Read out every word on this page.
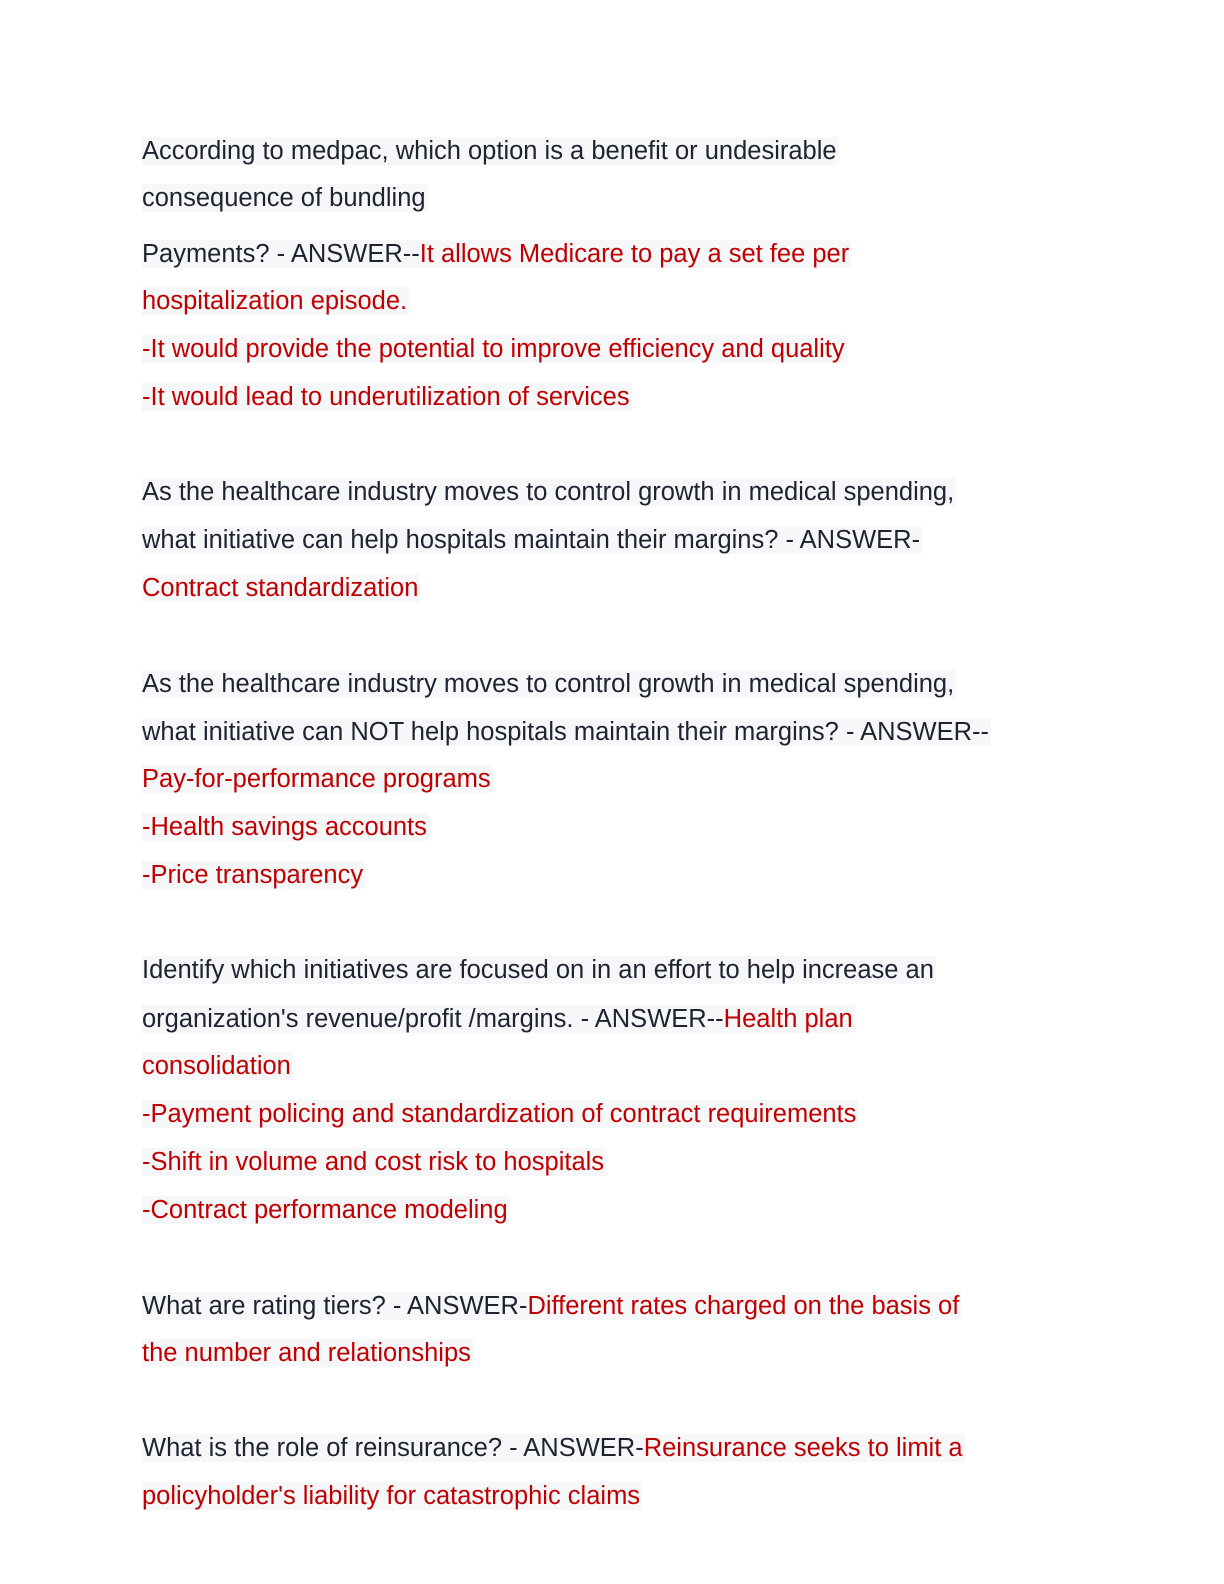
According to medpac, which option is a benefit or undesirable
consequence of bundling
Payments? - ANSWER--It allows Medicare to pay a set fee per
hospitalization episode.
-It would provide the potential to improve efficiency and quality
-It would lead to underutilization of services
As the healthcare industry moves to control growth in medical spending,
what initiative can help hospitals maintain their margins? - ANSWER-
Contract standardization
As the healthcare industry moves to control growth in medical spending,
what initiative can NOT help hospitals maintain their margins? - ANSWER--
Pay-for-performance programs
-Health savings accounts
-Price transparency
Identify which initiatives are focused on in an effort to help increase an
organization's revenue/profit /margins. - ANSWER--Health plan
consolidation
-Payment policing and standardization of contract requirements
-Shift in volume and cost risk to hospitals
-Contract performance modeling
What are rating tiers? - ANSWER-Different rates charged on the basis of
the number and relationships
What is the role of reinsurance? - ANSWER-Reinsurance seeks to limit a
policyholder's liability for catastrophic claims
